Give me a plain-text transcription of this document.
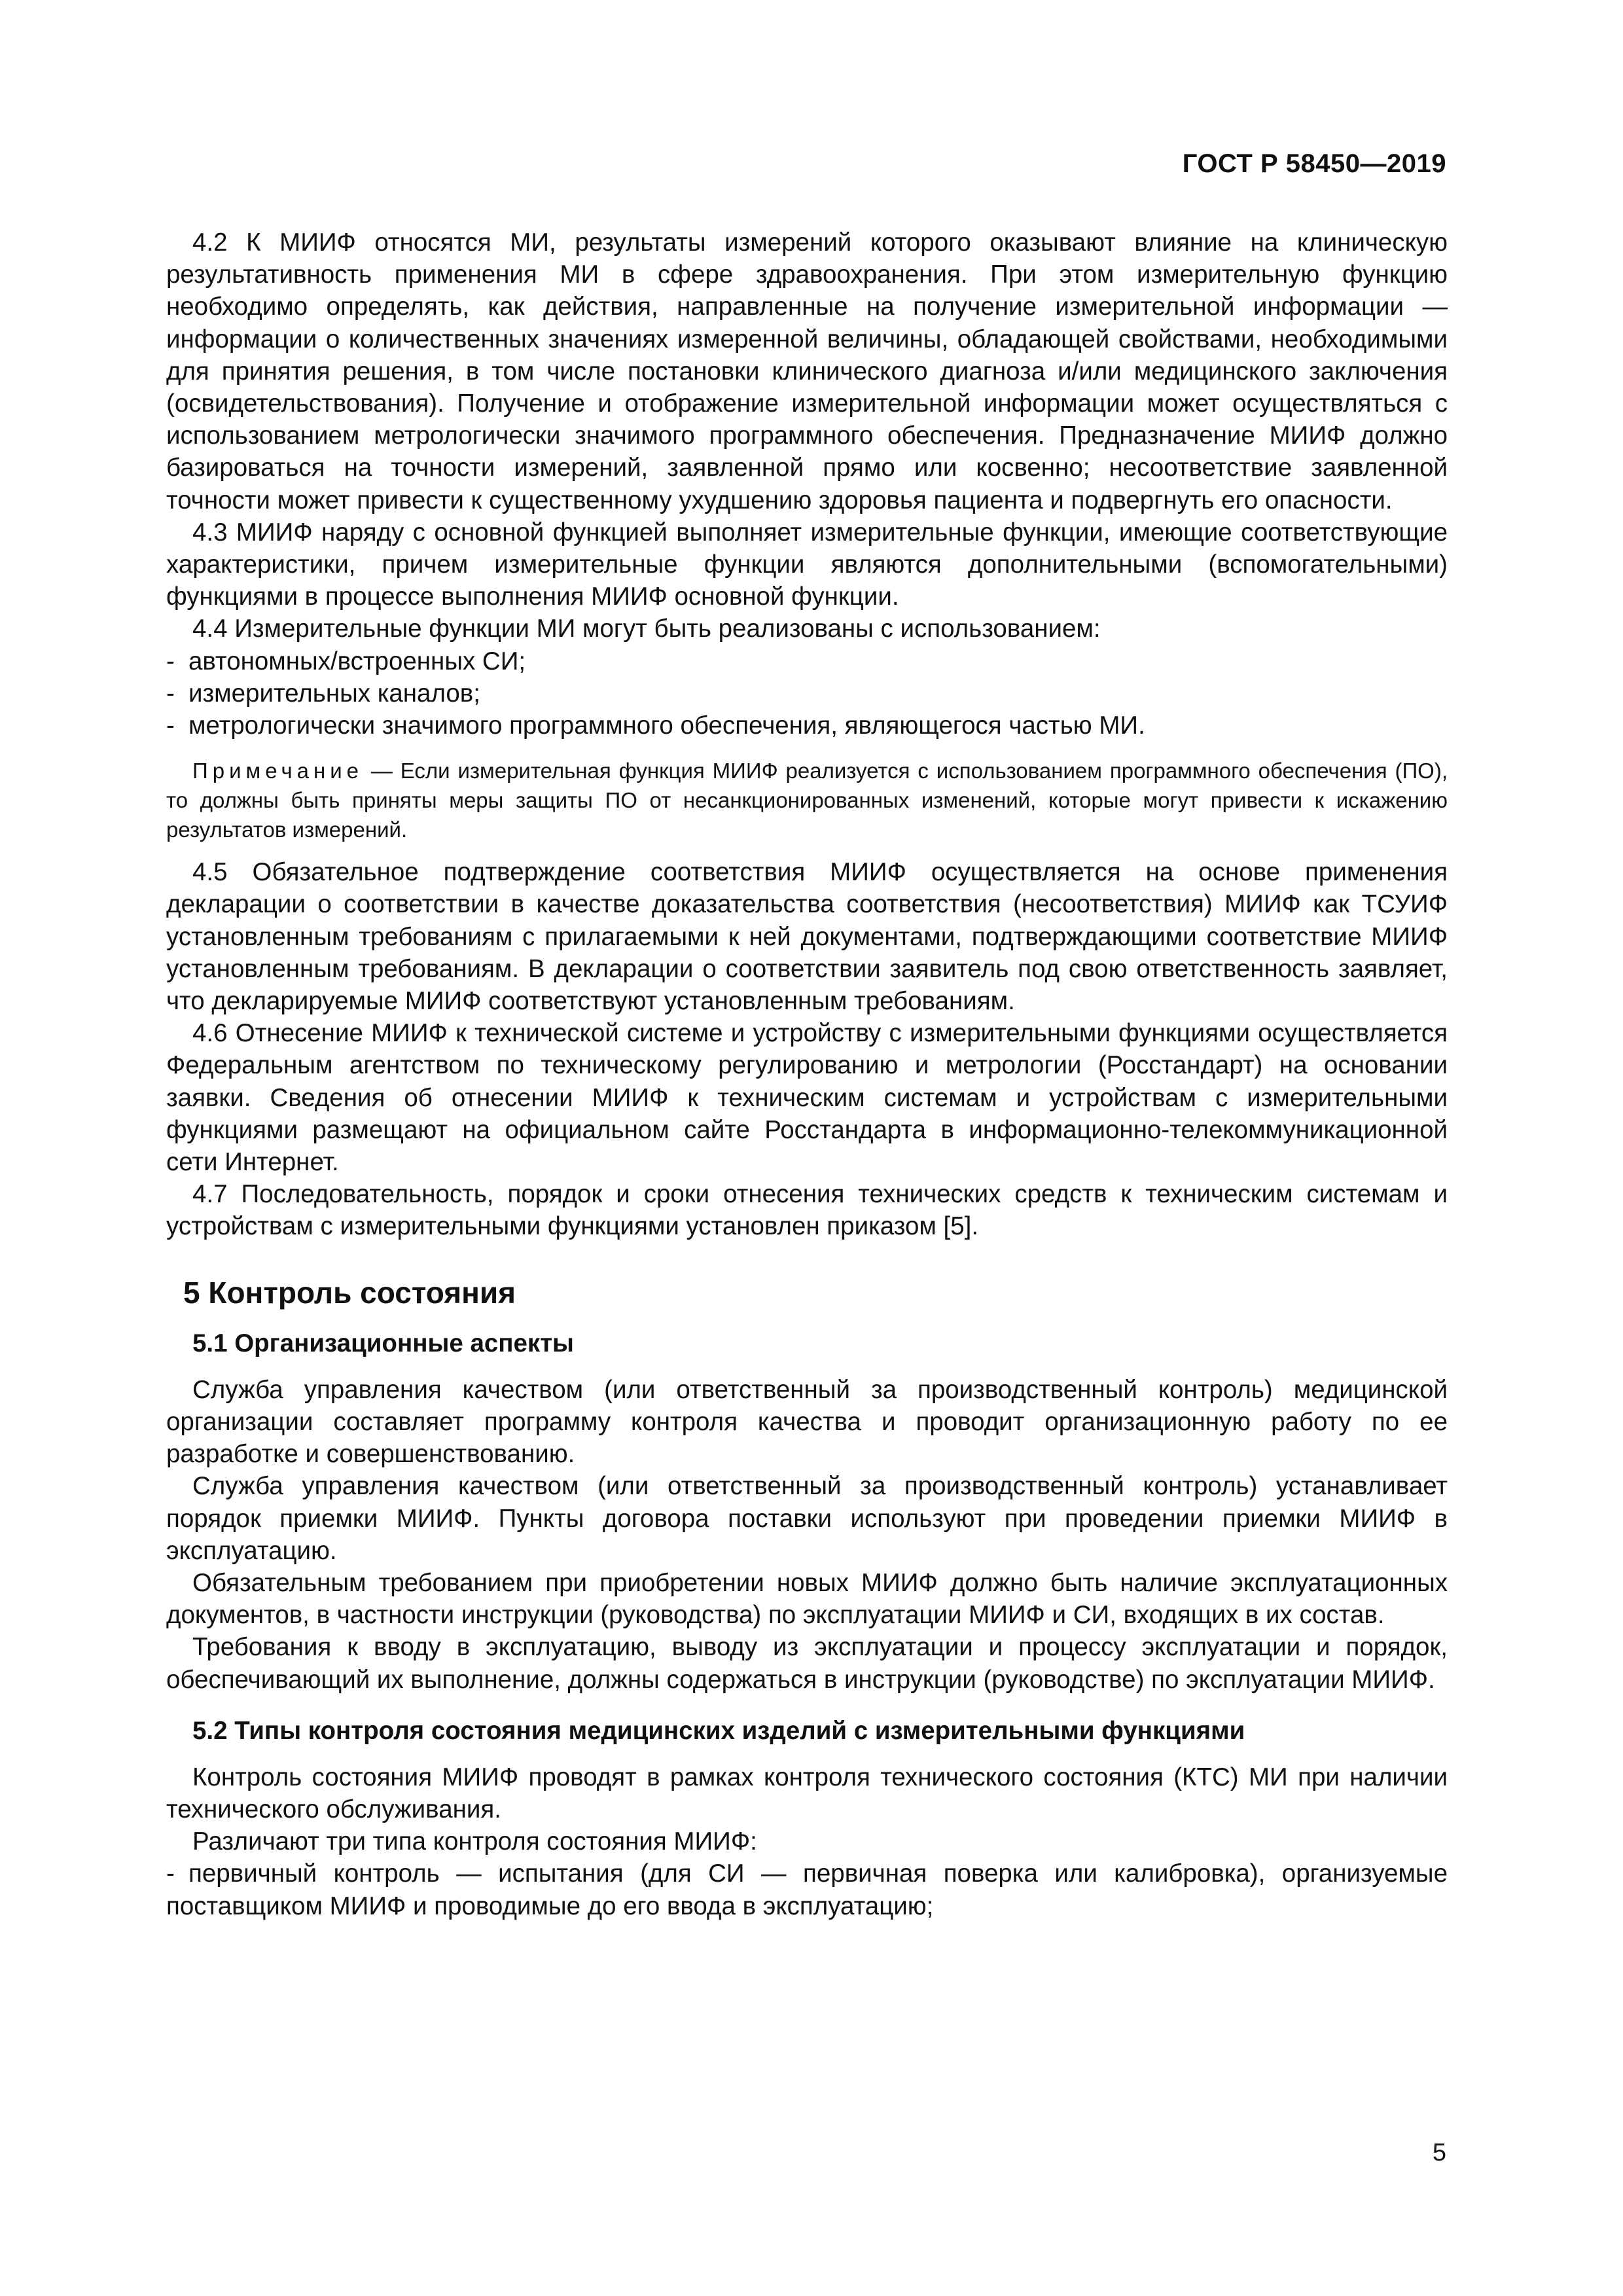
ГОСТ Р 58450—2019

4.2 К МИИФ относятся МИ, результаты измерений которого оказывают влияние на клиническую результативность применения МИ в сфере здравоохранения. При этом измерительную функцию необходимо определять, как действия, направленные на получение измерительной информации — информации о количественных значениях измеренной величины, обладающей свойствами, необходимыми для принятия решения, в том числе постановки клинического диагноза и/или медицинского заключения (освидетельствования). Получение и отображение измерительной информации может осуществляться с использованием метрологически значимого программного обеспечения. Предназначение МИИФ должно базироваться на точности измерений, заявленной прямо или косвенно; несоответствие заявленной точности может привести к существенному ухудшению здоровья пациента и подвергнуть его опасности.

4.3 МИИФ наряду с основной функцией выполняет измерительные функции, имеющие соответствующие характеристики, причем измерительные функции являются дополнительными (вспомогательными) функциями в процессе выполнения МИИФ основной функции.

4.4 Измерительные функции МИ могут быть реализованы с использованием:

- автономных/встроенных СИ;

- измерительных каналов;

- метрологически значимого программного обеспечения, являющегося частью МИ.

Примечание — Если измерительная функция МИИФ реализуется с использованием программного обеспечения (ПО), то должны быть приняты меры защиты ПО от несанкционированных изменений, которые могут привести к искажению результатов измерений.

4.5 Обязательное подтверждение соответствия МИИФ осуществляется на основе применения декларации о соответствии в качестве доказательства соответствия (несоответствия) МИИФ как ТСУИФ установленным требованиям с прилагаемыми к ней документами, подтверждающими соответствие МИИФ установленным требованиям. В декларации о соответствии заявитель под свою ответственность заявляет, что декларируемые МИИФ соответствуют установленным требованиям.

4.6 Отнесение МИИФ к технической системе и устройству с измерительными функциями осуществляется Федеральным агентством по техническому регулированию и метрологии (Росстандарт) на основании заявки. Сведения об отнесении МИИФ к техническим системам и устройствам с измерительными функциями размещают на официальном сайте Росстандарта в информационно-телекоммуникационной сети Интернет.

4.7 Последовательность, порядок и сроки отнесения технических средств к техническим системам и устройствам с измерительными функциями установлен приказом [5].

5 Контроль состояния
5.1 Организационные аспекты

Служба управления качеством (или ответственный за производственный контроль) медицинской организации составляет программу контроля качества и проводит организационную работу по ее разработке и совершенствованию.

Служба управления качеством (или ответственный за производственный контроль) устанавливает порядок приемки МИИФ. Пункты договора поставки используют при проведении приемки МИИФ в эксплуатацию.

Обязательным требованием при приобретении новых МИИФ должно быть наличие эксплуатационных документов, в частности инструкции (руководства) по эксплуатации МИИФ и СИ, входящих в их состав.

Требования к вводу в эксплуатацию, выводу из эксплуатации и процессу эксплуатации и порядок, обеспечивающий их выполнение, должны содержаться в инструкции (руководстве) по эксплуатации МИИФ.

5.2 Типы контроля состояния медицинских изделий с измерительными функциями

Контроль состояния МИИФ проводят в рамках контроля технического состояния (КТС) МИ при наличии технического обслуживания.

Различают три типа контроля состояния МИИФ:

- первичный контроль — испытания (для СИ — первичная поверка или калибровка), организуемые поставщиком МИИФ и проводимые до его ввода в эксплуатацию;

5
